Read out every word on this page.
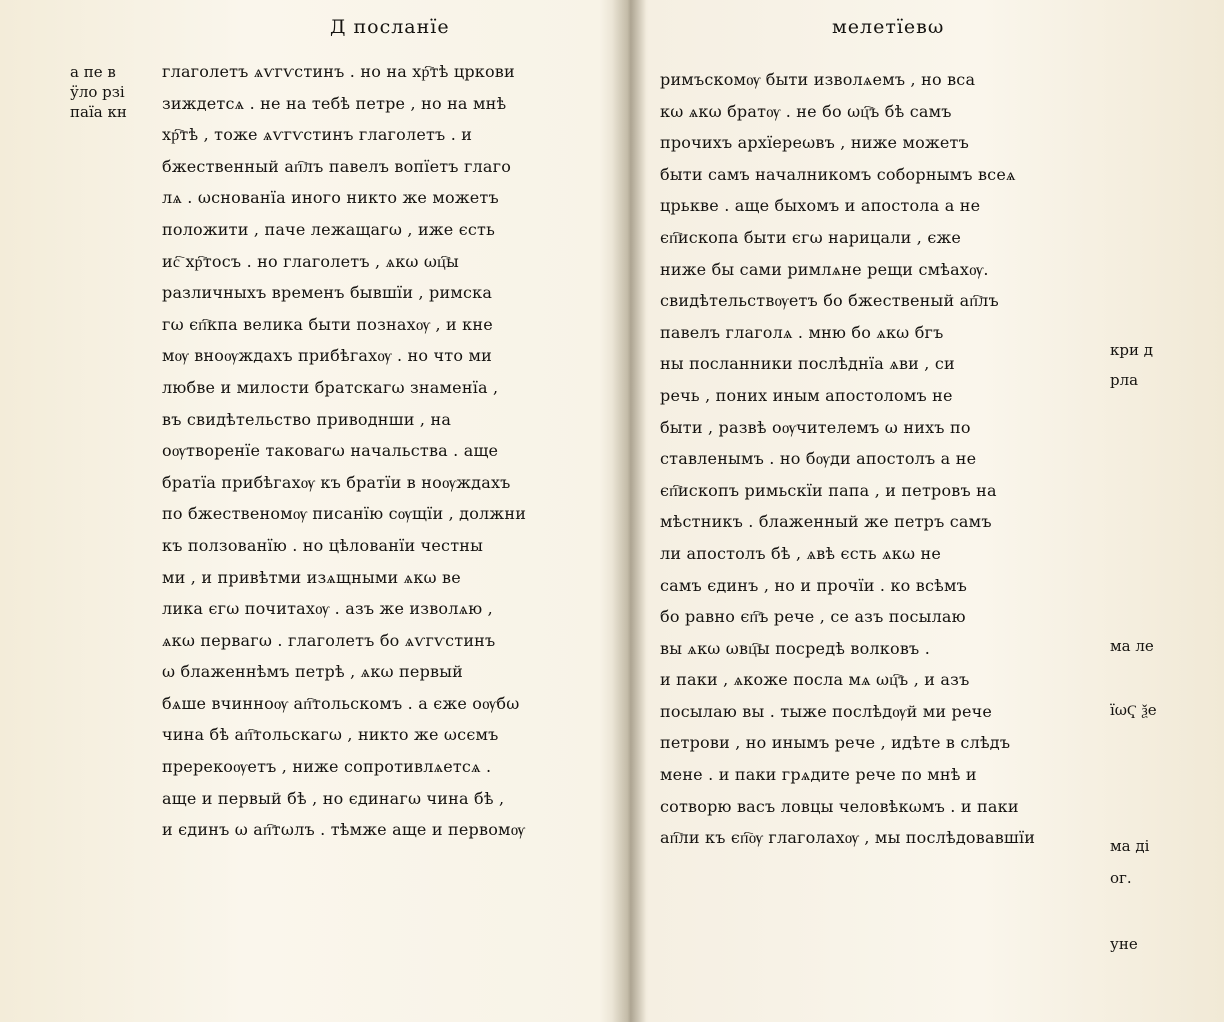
Д посланїе	мелетїевω
а пе в
ӱло рзі
паїа кн
кри д
рла
ма ле
їωҀ ѯе
ма ді
ог.
уне
глаголетъ ѧѵгѵстинъ . но на хр҇тѣ цркови
зиждетсѧ . не на тебѣ петре , но на мнѣ
хр҇тѣ , тоже ѧѵгѵстинъ глаголетъ . и
бжественный ап҇лъ павелъ вопїетъ глаго
лѧ . ωснованїа иного никто же можетъ
положити , паче лежащагω , иже єсть
ис҇ хр҇тосъ . но глаголетъ , ѧкω ωц҇ы
различныхъ временъ бывшїи , римска
гω єп҇кпа велика быти познахѹ , и кне
мѹ вноѹждахъ прибѣгахѹ . но что ми
любве и милости братскагω знаменїа ,
въ свидѣтельство приводнши , на
оѹтворенїе таковагω начальства . аще
братїа прибѣгахѹ къ братїи в ноѹждахъ
по бжественомѹ писанїю сѹщїи , должни
къ ползованїю . но цѣлованїи честны
ми , и привѣтми изѧщными ѧкω ве
лика єгω почитахѹ . азъ же изволѧю ,
ѧкω первагω . глаголетъ бо ѧѵгѵстинъ
ω блаженнѣмъ петрѣ , ѧкω первый
бѧше вчинноѹ ап҇тольскомъ . а єже оѹбω
чина бѣ ап҇тольскагω , никто же ωсємъ
пререкоѹетъ , ниже сопротивлѧетсѧ .
аще и первый бѣ , но єдинагω чина бѣ ,
и єдинъ ω ап҇тωлъ . тѣмже аще и первомѹ
римъскомѹ быти изволѧемъ , но вса
кω ѧкω братѹ . не бо ωц҇ъ бѣ самъ
прочихъ архїереωвъ , ниже можетъ
быти самъ началникомъ соборнымъ всеѧ
црькве . аще быхомъ и апостола а не
єп҇ископа быти єгω нарицали , єже
ниже бы сами римлѧне рещи смѣахѹ.
свидѣтельствѹетъ бо бжественый ап҇лъ
павелъ глаголѧ . мню бо ѧкω бгъ
ны посланники послѣднїа ѧви , си
речь , поних иным апостоломъ не
быти , развѣ оѹчителемъ ω нихъ по
ставленымъ . но бѹди апостолъ а не
єп҇ископъ римьскїи папа , и петровъ на
мѣстникъ . блаженный же петръ самъ
ли апостолъ бѣ , ѧвѣ єсть ѧкω не
самъ єдинъ , но и прочїи . ко всѣмъ
бо равно єп҇ъ рече , се азъ посылаю
вы ѧкω ωвц҇ы посредѣ волковъ .
и паки , ѧкоже посла мѧ ωц҇ъ , и азъ
посылаю вы . тыже послѣдѹй ми рече
петрови , но инымъ рече , идѣте в слѣдъ
мене . и паки грѧдите рече по мнѣ и
сотворю васъ ловцы человѣкωмъ . и паки
ап҇ли къ єп҇ѹ глаголахѹ , мы послѣдовавшїи
